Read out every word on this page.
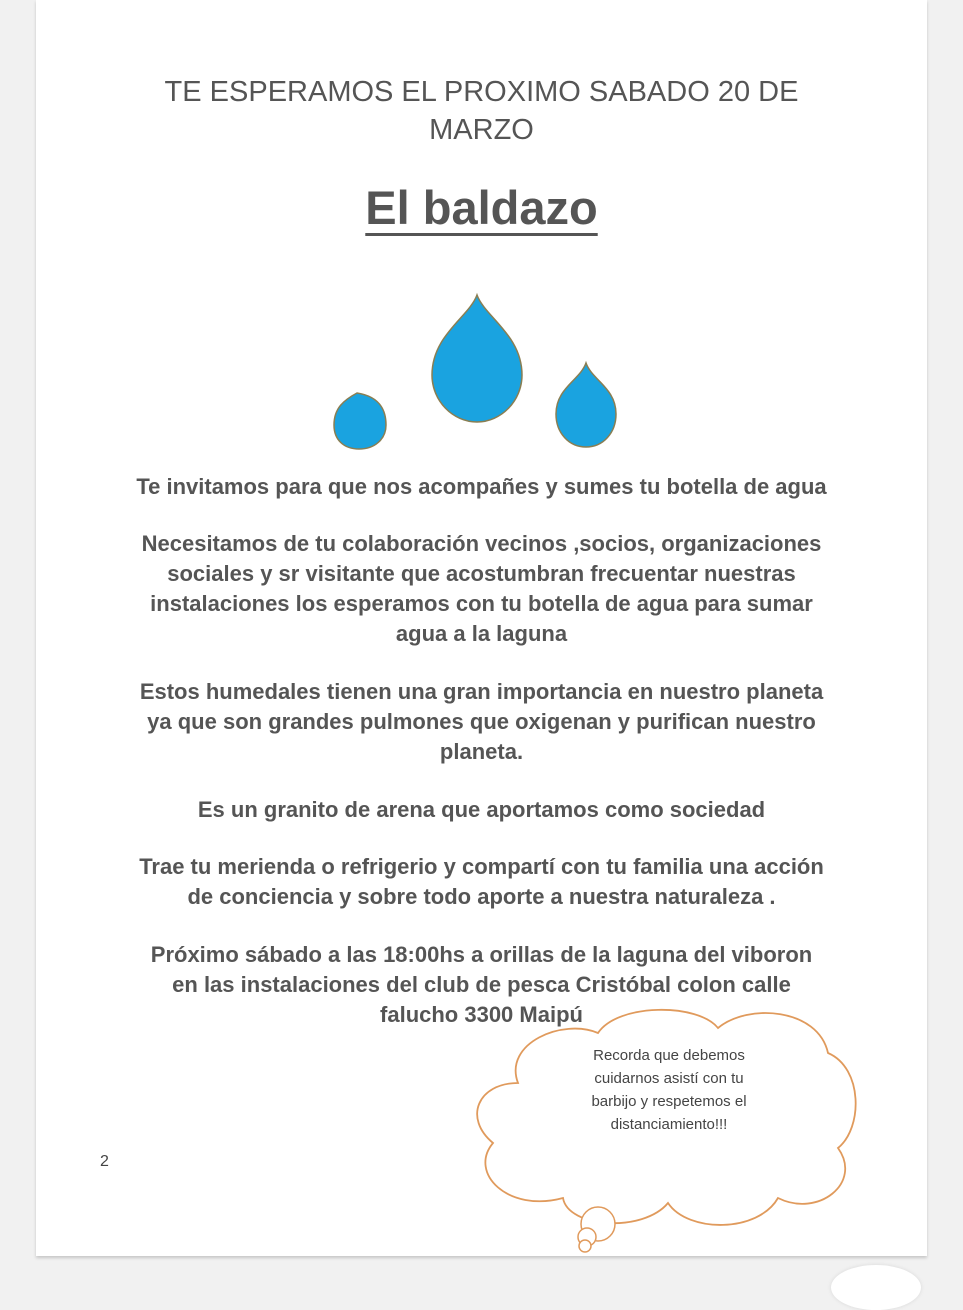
TE ESPERAMOS EL PROXIMO SABADO 20 DE
MARZO
El baldazo
Te invitamos para que nos acompañes y sumes tu botella de agua
Necesitamos de tu colaboración vecinos ,socios, organizaciones
sociales y sr visitante que acostumbran frecuentar nuestras
instalaciones los esperamos con tu botella de agua para sumar
agua a la laguna
Estos humedales tienen una gran importancia en nuestro planeta
ya que son grandes pulmones que oxigenan y purifican nuestro
planeta.
Es un granito de arena que aportamos como sociedad
Trae tu merienda o refrigerio y compartí con tu familia una acción
de conciencia y sobre todo aporte a nuestra naturaleza .
Próximo sábado a las 18:00hs a orillas de la laguna del viboron
en las instalaciones del club de pesca Cristóbal colon calle
falucho 3300 Maipú
Recorda que debemos
cuidarnos asistí con tu
barbijo y respetemos el
distanciamiento!!!
2
